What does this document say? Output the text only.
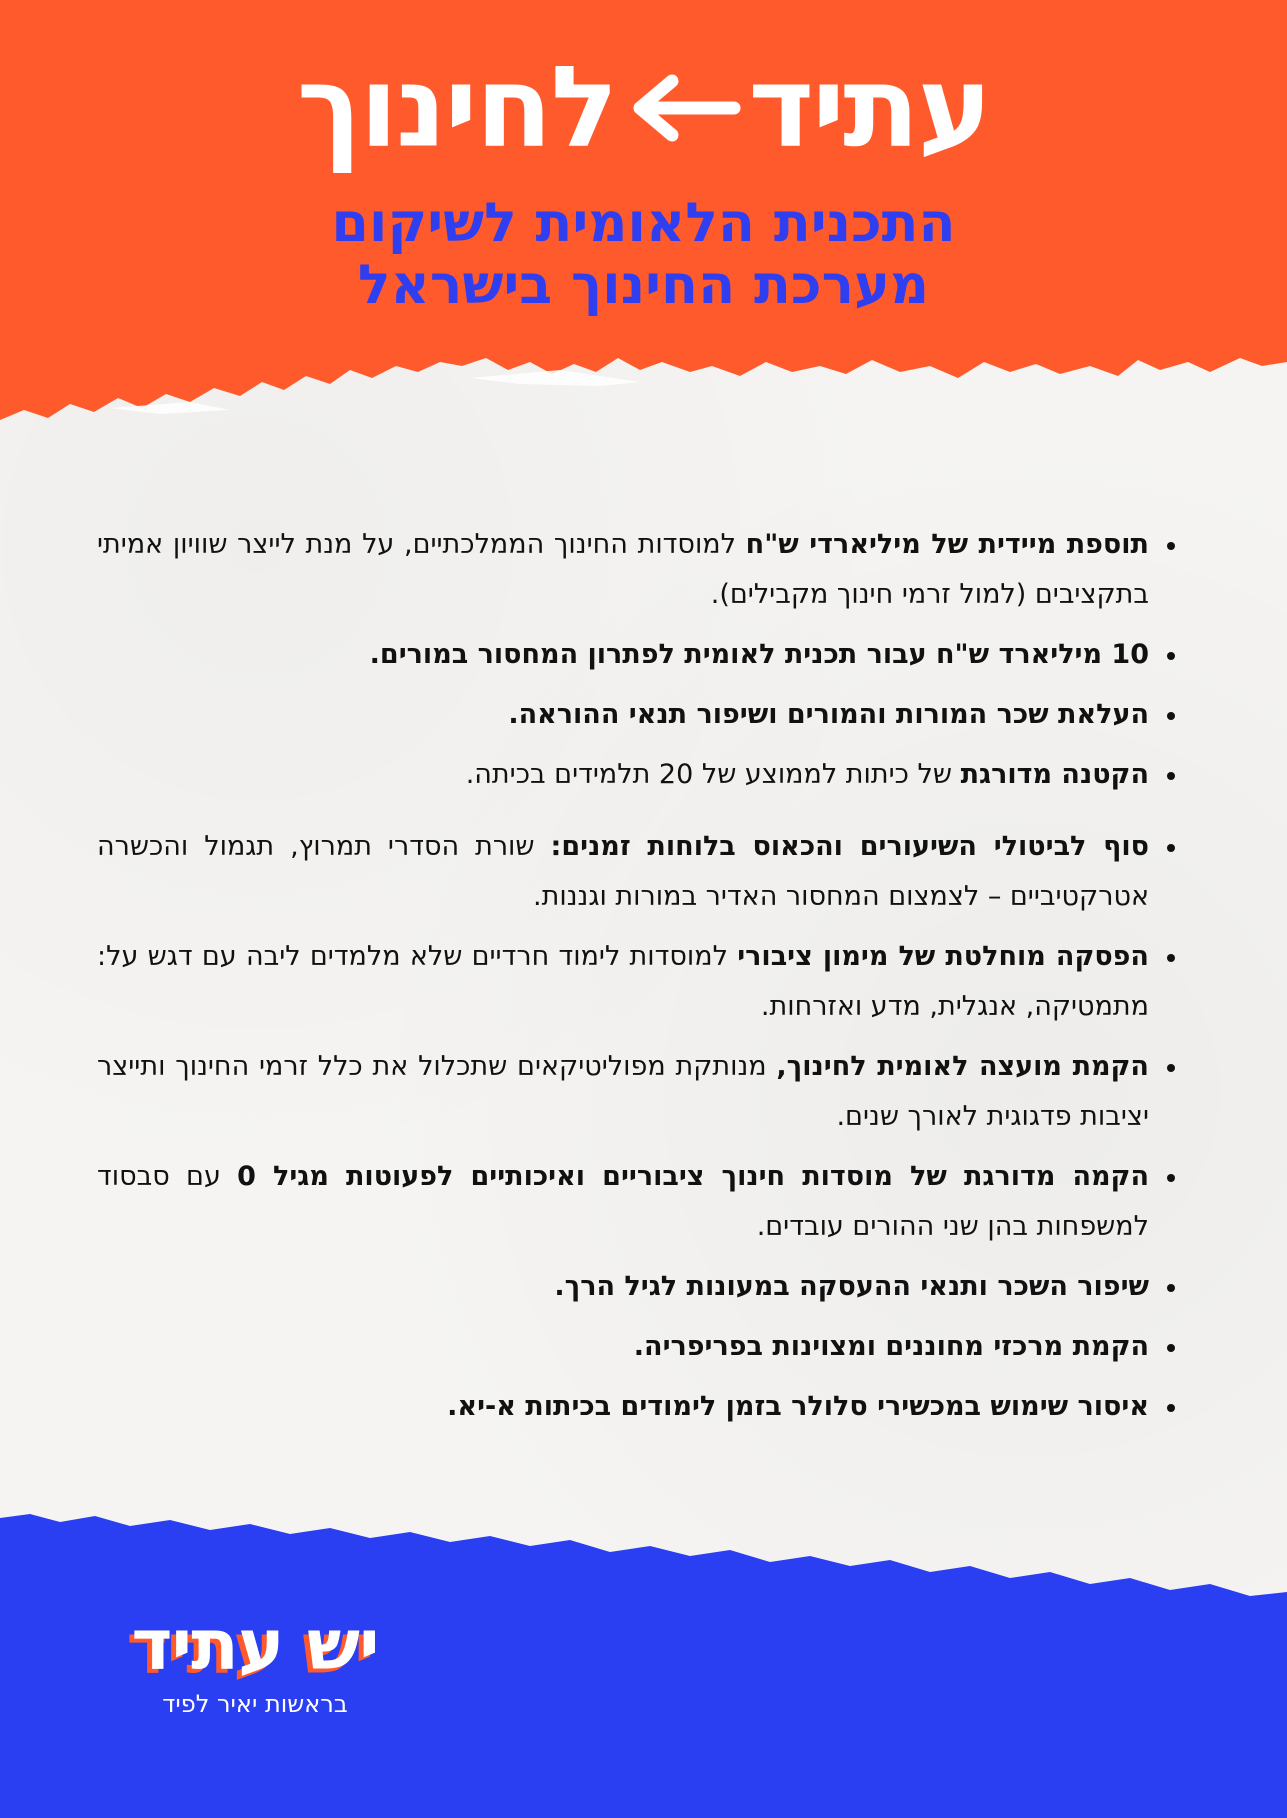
עתיד
לחינוך
התכנית הלאומית לשיקום
מערכת החינוך בישראל
תוספת מיידית של מיליארדי ש"ח למוסדות החינוך הממלכתיים, על מנת לייצר שוויון אמיתי בתקציבים (למול זרמי חינוך מקבילים).
10 מיליארד ש"ח עבור תכנית לאומית לפתרון המחסור במורים.
העלאת שכר המורות והמורים ושיפור תנאי ההוראה.
הקטנה מדורגת של כיתות לממוצע של 20 תלמידים בכיתה.
סוף לביטולי השיעורים והכאוס בלוחות זמנים: שורת הסדרי תמרוץ, תגמול והכשרה אטרקטיביים – לצמצום המחסור האדיר במורות וגננות.
הפסקה מוחלטת של מימון ציבורי למוסדות לימוד חרדיים שלא מלמדים ליבה עם דגש על: מתמטיקה, אנגלית, מדע ואזרחות.
הקמת מועצה לאומית לחינוך, מנותקת מפוליטיקאים שתכלול את כלל זרמי החינוך ותייצר יציבות פדגוגית לאורך שנים.
הקמה מדורגת של מוסדות חינוך ציבוריים ואיכותיים לפעוטות מגיל 0 עם סבסוד למשפחות בהן שני ההורים עובדים.
שיפור השכר ותנאי ההעסקה במעונות לגיל הרך.
הקמת מרכזי מחוננים ומצוינות בפריפריה.
איסור שימוש במכשירי סלולר בזמן לימודים בכיתות א-יא.
יש עתיד
בראשות יאיר לפיד
